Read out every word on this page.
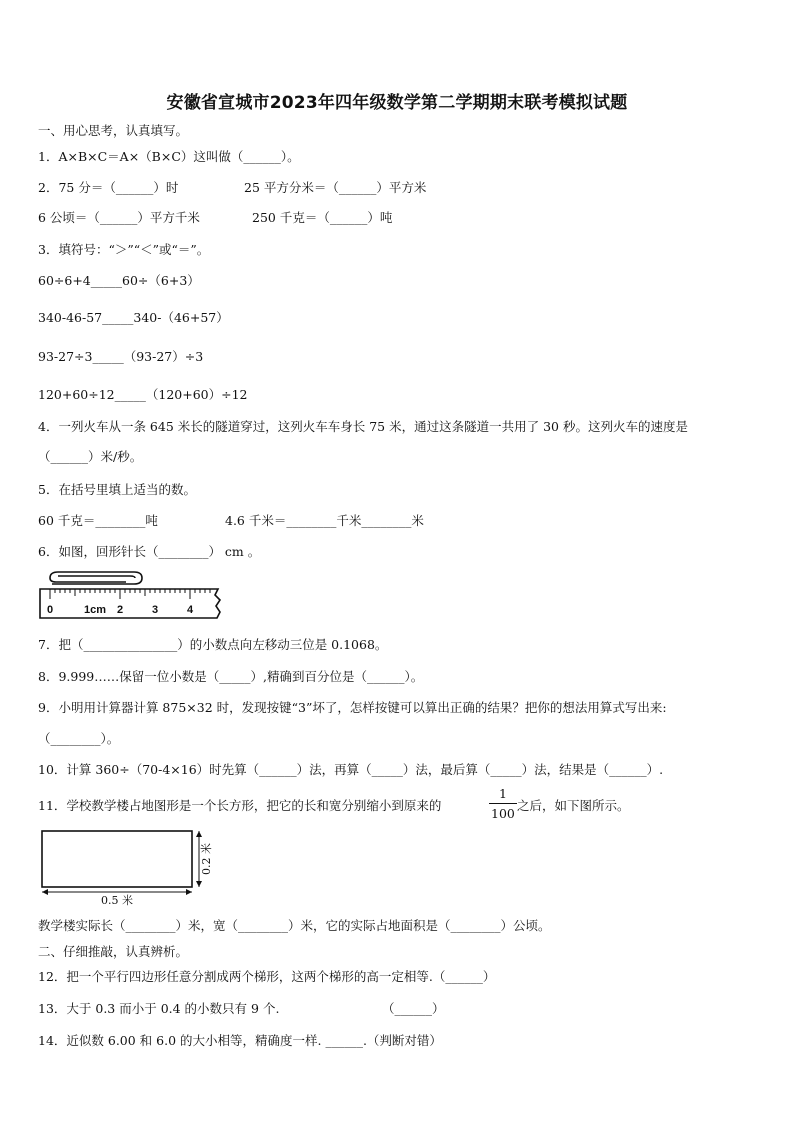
安徽省宣城市2023年四年级数学第二学期期末联考模拟试题
一、用心思考，认真填写。
1．A×B×C＝A×（B×C）这叫做（______）。
2．75 分＝（______）时	25 平方分米＝（______）平方米
6 公顷＝（______）平方千米	250 千克＝（______）吨
3．填符号：“＞”“＜”或“＝”。
60÷6+4_____60÷（6+3）
340-46-57_____340-（46+57）
93-27÷3_____（93-27）÷3
120+60÷12_____（120+60）÷12
4．一列火车从一条 645 米长的隧道穿过，这列火车车身长 75 米，通过这条隧道一共用了 30 秒。这列火车的速度是
（______）米/秒。
5．在括号里填上适当的数。
60 千克＝________吨	4.6 千米＝________千米________米
6．如图，回形针长（________） cm 。
0	1cm 2	3	4
7．把（_______________）的小数点向左移动三位是 0.1068。
8．9.999……保留一位小数是（_____）,精确到百分位是（______）。
9．小明用计算器计算 875×32 时，发现按键“3”坏了，怎样按键可以算出正确的结果？把你的想法用算式写出来:
（________）。
10．计算 360÷（70-4×16）时先算（______）法，再算（_____）法，最后算（_____）法，结果是（______）.
11．学校教学楼占地图形是一个长方形，把它的长和宽分别缩小到原来的
1
100
之后，如下图所示。
0.5 米
0.2 米
教学楼实际长（________）米，宽（________）米，它的实际占地面积是（________）公顷。
二、仔细推敲，认真辨析。
12．把一个平行四边形任意分割成两个梯形，这两个梯形的高一定相等.（______）
13．大于 0.3 而小于 0.4 的小数只有 9 个.	（______）
14．近似数 6.00 和 6.0 的大小相等，精确度一样. ______.（判断对错）
